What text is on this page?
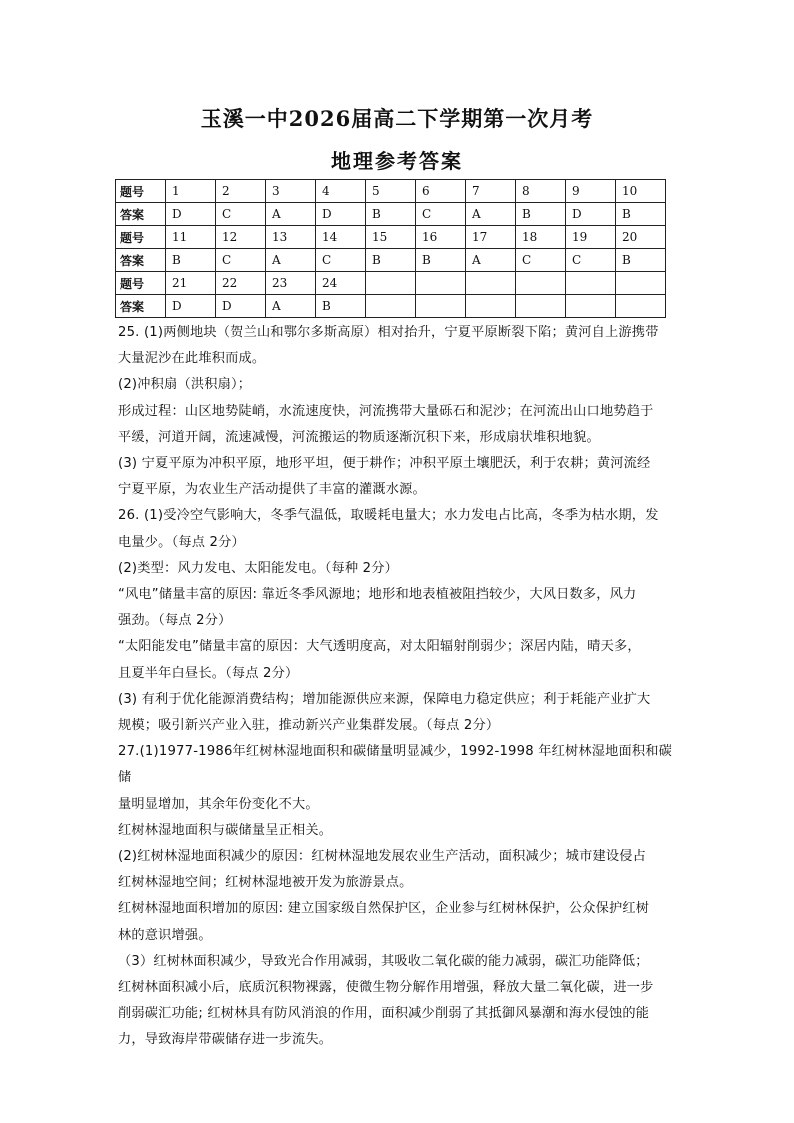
玉溪一中2026届高二下学期第一次月考
地理参考答案
题号	1	2	3	4	5	6	7	8	9	10
答案	D	C	A	D	B	C	A	B	D	B
题号	11	12	13	14	15	16	17	18	19	20
答案	B	C	A	C	B	B	A	C	C	B
题号	21	22	23	24						
答案	D	D	A	B						

25. (1)两侧地块（贺兰山和鄂尔多斯高原）相对抬升，宁夏平原断裂下陷；黄河自上游携带

大量泥沙在此堆积而成。

(2)冲积扇（洪积扇）；

形成过程：山区地势陡峭，水流速度快，河流携带大量砾石和泥沙；在河流出山口地势趋于

平缓，河道开阔，流速减慢，河流搬运的物质逐渐沉积下来，形成扇状堆积地貌。

(3) 宁夏平原为冲积平原，地形平坦，便于耕作；冲积平原土壤肥沃，利于农耕；黄河流经

宁夏平原，为农业生产活动提供了丰富的灌溉水源。

26. (1)受冷空气影响大，冬季气温低，取暖耗电量大；水力发电占比高，冬季为枯水期，发

电量少。（每点 2分）

(2)类型：风力发电、太阳能发电。（每种 2分）

“风电”储量丰富的原因: 靠近冬季风源地；地形和地表植被阻挡较少，大风日数多，风力

强劲。（每点 2分）

“太阳能发电”储量丰富的原因：大气透明度高，对太阳辐射削弱少；深居内陆，晴天多，

且夏半年白昼长。（每点 2分）

(3) 有利于优化能源消费结构；增加能源供应来源，保障电力稳定供应；利于耗能产业扩大

规模；吸引新兴产业入驻，推动新兴产业集群发展。（每点 2分）

27.(1)1977-1986年红树林湿地面积和碳储量明显减少，1992-1998 年红树林湿地面积和碳储

量明显增加，其余年份变化不大。

红树林湿地面积与碳储量呈正相关。

(2)红树林湿地面积减少的原因：红树林湿地发展农业生产活动，面积减少；城市建设侵占

红树林湿地空间；红树林湿地被开发为旅游景点。

红树林湿地面积增加的原因: 建立国家级自然保护区，企业参与红树林保护，公众保护红树

林的意识增强。

（3）红树林面积减少，导致光合作用减弱，其吸收二氧化碳的能力减弱，碳汇功能降低；

红树林面积减小后，底质沉积物裸露，使微生物分解作用增强，释放大量二氧化碳，进一步

削弱碳汇功能; 红树林具有防风消浪的作用，面积减少削弱了其抵御风暴潮和海水侵蚀的能

力，导致海岸带碳储存进一步流失。
